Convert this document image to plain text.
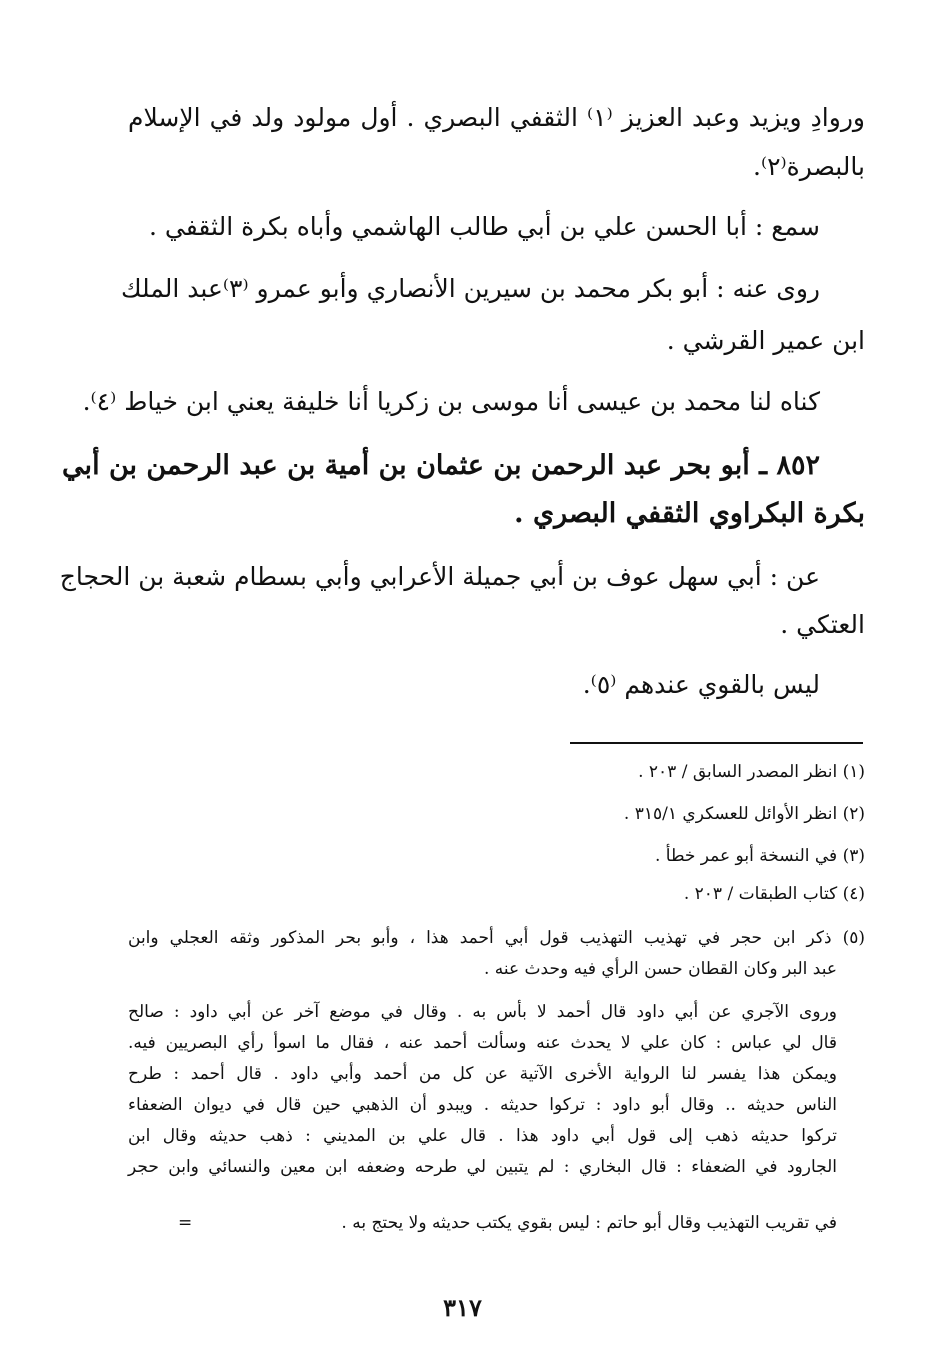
وروادِ ويزيد وعبد العزيز ⁽١⁾ الثقفي البصري . أول مولود ولد في الإسلام
بالبصرة⁽٢⁾.
سمع : أبا الحسن علي بن أبي طالب الهاشمي وأباه بكرة الثقفي .
روى عنه : أبو بكر محمد بن سيرين الأنصاري وأبو عمرو ⁽٣⁾عبد الملك
ابن عمير القرشي .
كناه لنا محمد بن عيسى أنا موسى بن زكريا أنا خليفة يعني ابن خياط ⁽٤⁾.
٨٥٢ ـ أبو بحر عبد الرحمن بن عثمان بن أمية بن عبد الرحمن بن أبي
بكرة البكراوي الثقفي البصري .
عن : أبي سهل عوف بن أبي جميلة الأعرابي وأبي بسطام شعبة بن الحجاج
العتكي .
ليس بالقوي عندهم ⁽٥⁾.
(١) انظر المصدر السابق / ٢٠٣ .
(٢) انظر الأوائل للعسكري ٣١٥/١ .
(٣) في النسخة أبو عمر خطأ .
(٤) كتاب الطبقات / ٢٠٣ .
(٥) ذكر ابن حجر في تهذيب التهذيب قول أبي أحمد هذا ، وأبو بحر المذكور وثقه العجلي وابن
عبد البر وكان القطان حسن الرأي فيه وحدث عنه .
وروى الآجري عن أبي داود قال أحمد لا بأس به . وقال في موضع آخر عن أبي داود : صالح
قال لي عباس : كان علي لا يحدث عنه وسألت أحمد عنه ، فقال ما اسوأ رأي البصريين فيه.
ويمكن هذا يفسر لنا الرواية الأخرى الآتية عن كل من أحمد وأبي داود . قال أحمد : طرح
الناس حديثه .. وقال أبو داود : تركوا حديثه . ويبدو أن الذهبي حين قال في ديوان الضعفاء
تركوا حديثه ذهب إلى قول أبي داود هذا . قال علي بن المديني : ذهب حديثه وقال ابن
الجارود في الضعفاء : قال البخاري : لم يتبين لي طرحه وضعفه ابن معين والنسائي وابن حجر
في تقريب التهذيب وقال أبو حاتم : ليس بقوي يكتب حديثه ولا يحتج به .
=
٣١٧
